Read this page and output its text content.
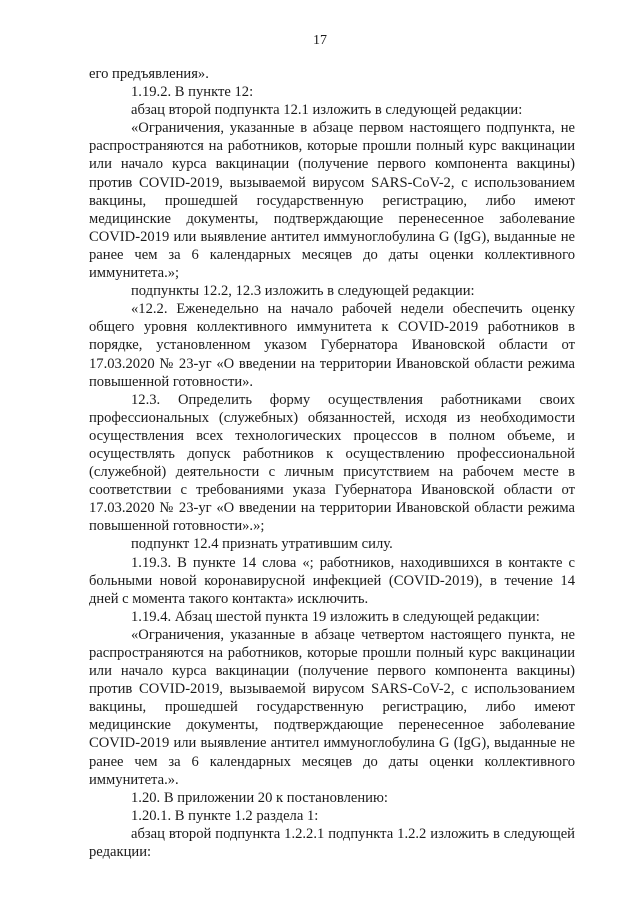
17

его предъявления».

1.19.2. В пункте 12:

абзац второй подпункта 12.1 изложить в следующей редакции:

«Ограничения, указанные в абзаце первом настоящего подпункта, не распространяются на работников, которые прошли полный курс вакцинации или начало курса вакцинации (получение первого компонента вакцины) против COVID-2019, вызываемой вирусом SARS-CoV-2, с использованием вакцины, прошедшей государственную регистрацию, либо имеют медицинские документы, подтверждающие перенесенное заболевание COVID-2019 или выявление антител иммуноглобулина G (IgG), выданные не ранее чем за 6 календарных месяцев до даты оценки коллективного иммунитета.»;

подпункты 12.2, 12.3 изложить в следующей редакции:

«12.2. Еженедельно на начало рабочей недели обеспечить оценку общего уровня коллективного иммунитета к COVID-2019 работников в порядке, установленном указом Губернатора Ивановской области от 17.03.2020 № 23-уг «О введении на территории Ивановской области режима повышенной готовности».

12.3. Определить форму осуществления работниками своих профессиональных (служебных) обязанностей, исходя из необходимости осуществления всех технологических процессов в полном объеме, и осуществлять допуск работников к осуществлению профессиональной (служебной) деятельности с личным присутствием на рабочем месте в соответствии с требованиями указа Губернатора Ивановской области от 17.03.2020 № 23-уг «О введении на территории Ивановской области режима повышенной готовности».»;

подпункт 12.4 признать утратившим силу.

1.19.3. В пункте 14 слова «; работников, находившихся в контакте с больными новой коронавирусной инфекцией (COVID-2019), в течение 14 дней с момента такого контакта» исключить.

1.19.4. Абзац шестой пункта 19 изложить в следующей редакции:

«Ограничения, указанные в абзаце четвертом настоящего пункта, не распространяются на работников, которые прошли полный курс вакцинации или начало курса вакцинации (получение первого компонента вакцины) против COVID-2019, вызываемой вирусом SARS-CoV-2, с использованием вакцины, прошедшей государственную регистрацию, либо имеют медицинские документы, подтверждающие перенесенное заболевание COVID-2019 или выявление антител иммуноглобулина G (IgG), выданные не ранее чем за 6 календарных месяцев до даты оценки коллективного иммунитета.».

1.20. В приложении 20 к постановлению:

1.20.1. В пункте 1.2 раздела 1:

абзац второй подпункта 1.2.2.1 подпункта 1.2.2 изложить в следующей редакции:
